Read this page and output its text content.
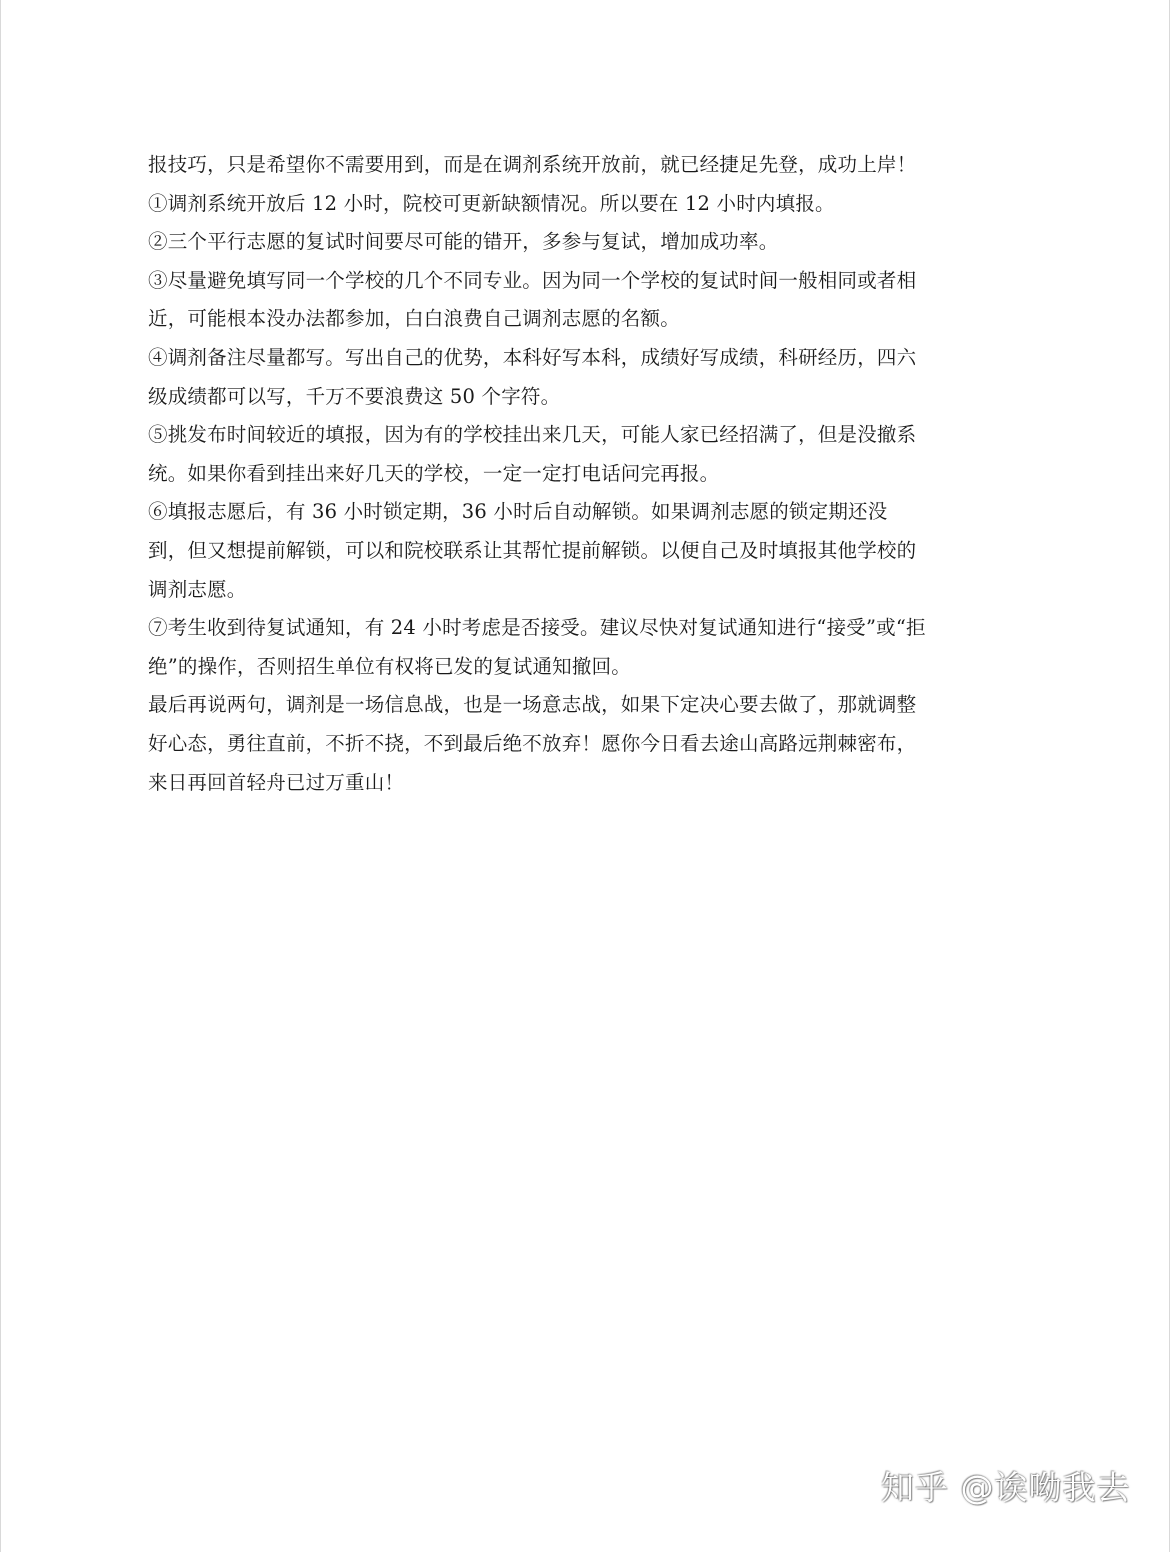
报技巧，只是希望你不需要用到，而是在调剂系统开放前，就已经捷足先登，成功上岸！
①调剂系统开放后 12 小时，院校可更新缺额情况。所以要在 12 小时内填报。
②三个平行志愿的复试时间要尽可能的错开，多参与复试，增加成功率。
③尽量避免填写同一个学校的几个不同专业。因为同一个学校的复试时间一般相同或者相
近，可能根本没办法都参加，白白浪费自己调剂志愿的名额。
④调剂备注尽量都写。写出自己的优势，本科好写本科，成绩好写成绩，科研经历，四六
级成绩都可以写，千万不要浪费这 50 个字符。
⑤挑发布时间较近的填报，因为有的学校挂出来几天，可能人家已经招满了，但是没撤系
统。如果你看到挂出来好几天的学校，一定一定打电话问完再报。
⑥填报志愿后，有 36 小时锁定期，36 小时后自动解锁。如果调剂志愿的锁定期还没
到，但又想提前解锁，可以和院校联系让其帮忙提前解锁。以便自己及时填报其他学校的
调剂志愿。
⑦考生收到待复试通知，有 24 小时考虑是否接受。建议尽快对复试通知进行“接受”或“拒
绝”的操作，否则招生单位有权将已发的复试通知撤回。
最后再说两句，调剂是一场信息战，也是一场意志战，如果下定决心要去做了，那就调整
好心态，勇往直前，不折不挠，不到最后绝不放弃！愿你今日看去途山高路远荆棘密布，
来日再回首轻舟已过万重山！
知乎 @诶呦我去
